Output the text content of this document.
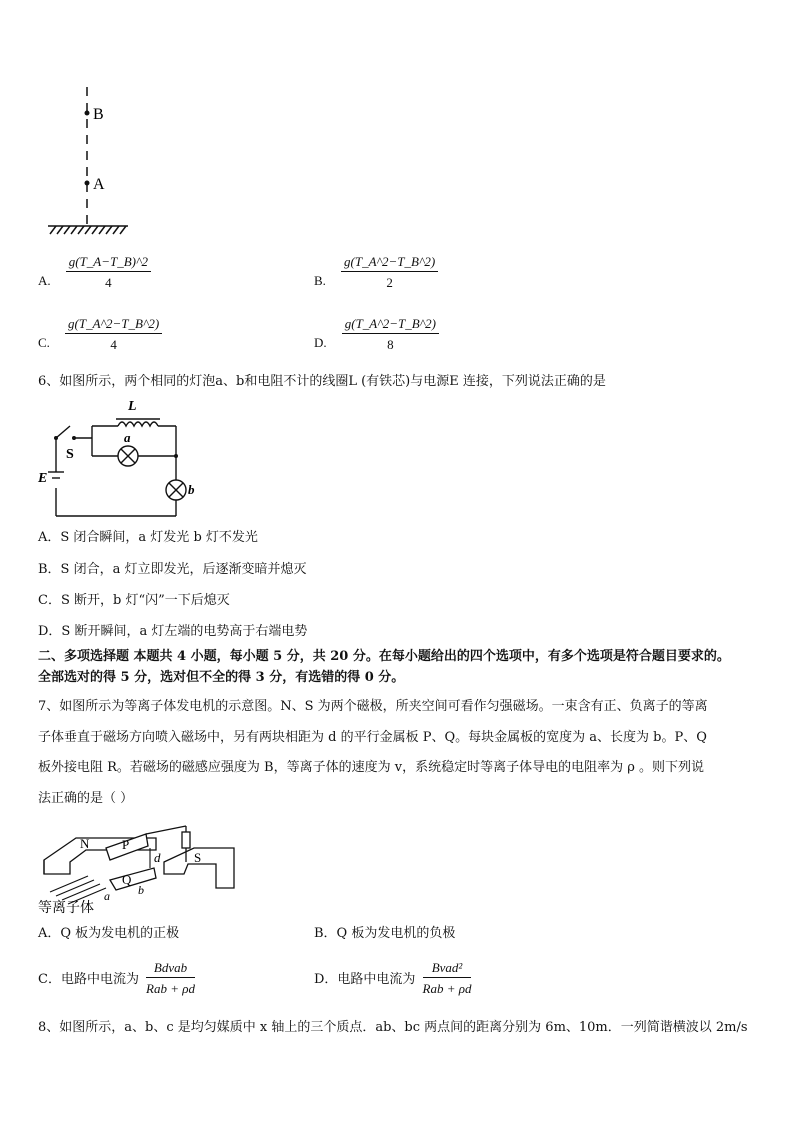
B
A
$_{A.} \frac{g(T\_A-T\_B)\^{}2}{4}$	$_{B.} \frac{g(T\_A\^{}2-T\_B\^{}2)}{2}$
$_{C.} \frac{g(T\_A\^{}2-T\_B\^{}2)}{4}$	$_{D.} \frac{g(T\_A\^{}2-T\_B\^{}2)}{8}$
6、如图所示，两个相同的灯泡a、b和电阻不计的线圈L (有铁芯)与电源E 连接，下列说法正确的是
L
a
b
S
E
A．S 闭合瞬间，a 灯发光 b 灯不发光
B．S 闭合，a 灯立即发光，后逐渐变暗并熄灭
C．S 断开，b 灯“闪”一下后熄灭
D．S 断开瞬间，a 灯左端的电势高于右端电势
二、多项选择题 本题共 4 小题，每小题 5 分，共 20 分。在每小题给出的四个选项中，有多个选项是符合题目要求的。
全部选对的得 5 分，选对但不全的得 3 分，有选错的得 0 分。
7、如图所示为等离子体发电机的示意图。N、S 为两个磁极，所夹空间可看作匀强磁场。一束含有正、负离子的等离
子体垂直于磁场方向喷入磁场中，另有两块相距为 d 的平行金属板 P、Q。每块金属板的宽度为 a、长度为 b。P、Q
板外接电阻 R。若磁场的磁感应强度为 B，等离子体的速度为 v，系统稳定时等离子体导电的电阻率为 ρ 。则下列说
法正确的是（ ）
N	P
d	S
Q
a b
等离子体
A．Q 板为发电机的正极	B．Q 板为发电机的负极
C．电路中电流为 $\frac{\text{Bdvab}}{\text{Rab + ρd}}$	D．电路中电流为 $\frac{\text{Bvad²}}{\text{Rab + ρd}}$
8、如图所示，a、b、c 是均匀媒质中 x 轴上的三个质点．ab、bc 两点间的距离分别为 6m、10m．一列简谐横波以 2m/s
